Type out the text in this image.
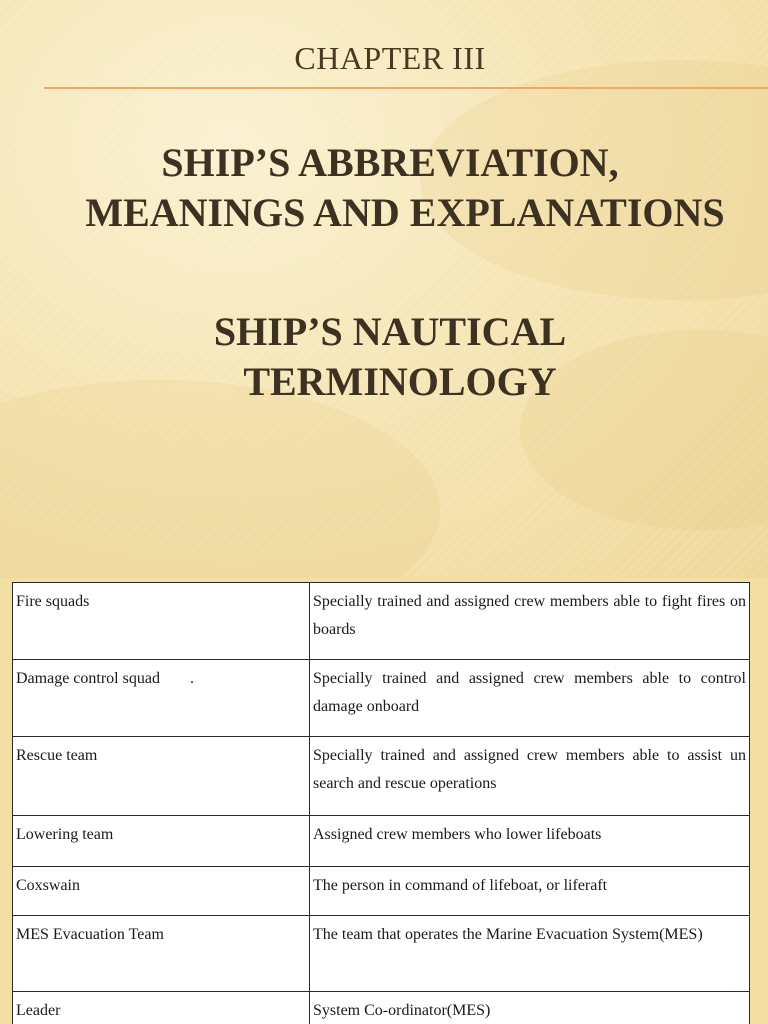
CHAPTER III
SHIP’S ABBREVIATION,
MEANINGS AND EXPLANATIONS
SHIP’S NAUTICAL
TERMINOLOGY
Fire squads	Specially trained and assigned crew members able to fight fires on boards
Damage control squad .	Specially trained and assigned crew members able to control damage onboard
Rescue team	Specially trained and assigned crew members able to assist un search and rescue operations
Lowering team	Assigned crew members who lower lifeboats
Coxswain	The person in command of lifeboat, or liferaft
MES Evacuation Team	The team that operates the Marine Evacuation System(MES)
Leader	System Co-ordinator(MES)
